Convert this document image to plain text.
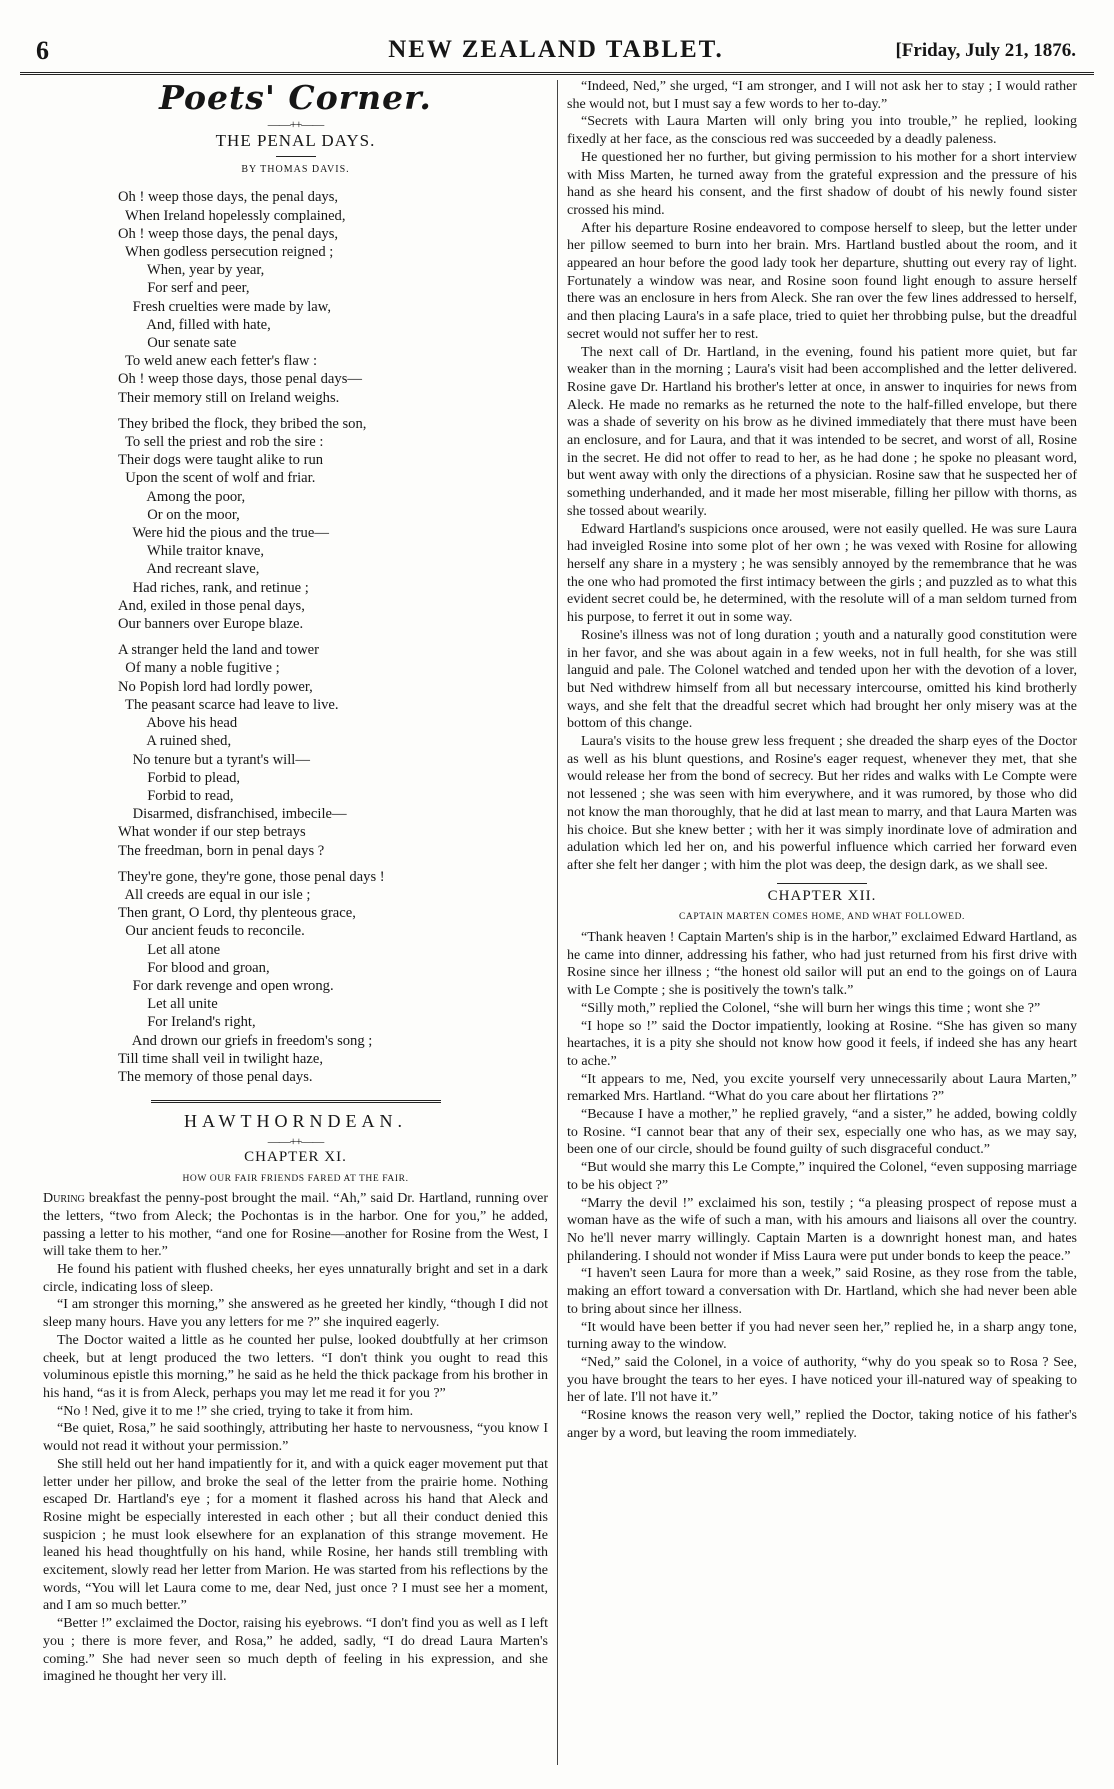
6	NEW ZEALAND TABLET.	[Friday, July 21, 1876.
Poets' Corner.
——++——
THE PENAL DAYS.
BY THOMAS DAVIS.
Oh ! weep those days, the penal days,
When Ireland hopelessly complained,
Oh ! weep those days, the penal days,
When godless persecution reigned ;
When, year by year,
For serf and peer,
Fresh cruelties were made by law,
And, filled with hate,
Our senate sate
To weld anew each fetter's flaw :
Oh ! weep those days, those penal days—
Their memory still on Ireland weighs.
They bribed the flock, they bribed the son,
To sell the priest and rob the sire :
Their dogs were taught alike to run
Upon the scent of wolf and friar.
Among the poor,
Or on the moor,
Were hid the pious and the true—
While traitor knave,
And recreant slave,
Had riches, rank, and retinue ;
And, exiled in those penal days,
Our banners over Europe blaze.
A stranger held the land and tower
Of many a noble fugitive ;
No Popish lord had lordly power,
The peasant scarce had leave to live.
Above his head
A ruined shed,
No tenure but a tyrant's will—
Forbid to plead,
Forbid to read,
Disarmed, disfranchised, imbecile—
What wonder if our step betrays
The freedman, born in penal days ?
They're gone, they're gone, those penal days !
All creeds are equal in our isle ;
Then grant, O Lord, thy plenteous grace,
Our ancient feuds to reconcile.
Let all atone
For blood and groan,
For dark revenge and open wrong.
Let all unite
For Ireland's right,
And drown our griefs in freedom's song ;
Till time shall veil in twilight haze,
The memory of those penal days.
HAWTHORNDEAN.
——++——
CHAPTER XI.
HOW OUR FAIR FRIENDS FARED AT THE FAIR.

During breakfast the penny-post brought the mail. “Ah,” said Dr. Hartland, running over the letters, “two from Aleck; the Pochontas is in the harbor. One for you,” he added, passing a letter to his mother, “and one for Rosine—another for Rosine from the West, I will take them to her.”

He found his patient with flushed cheeks, her eyes unnaturally bright and set in a dark circle, indicating loss of sleep.

“I am stronger this morning,” she answered as he greeted her kindly, “though I did not sleep many hours. Have you any letters for me ?” she inquired eagerly.

The Doctor waited a little as he counted her pulse, looked doubtfully at her crimson cheek, but at lengt produced the two letters. “I don't think you ought to read this voluminous epistle this morning,” he said as he held the thick package from his brother in his hand, “as it is from Aleck, perhaps you may let me read it for you ?”

“No ! Ned, give it to me !” she cried, trying to take it from him.

“Be quiet, Rosa,” he said soothingly, attributing her haste to nervousness, “you know I would not read it without your permission.”

She still held out her hand impatiently for it, and with a quick eager movement put that letter under her pillow, and broke the seal of the letter from the prairie home. Nothing escaped Dr. Hartland's eye ; for a moment it flashed across his hand that Aleck and Rosine might be especially interested in each other ; but all their conduct denied this suspicion ; he must look elsewhere for an explanation of this strange movement. He leaned his head thoughtfully on his hand, while Rosine, her hands still trembling with excitement, slowly read her letter from Marion. He was started from his reflections by the words, “You will let Laura come to me, dear Ned, just once ? I must see her a moment, and I am so much better.”

“Better !” exclaimed the Doctor, raising his eyebrows. “I don't find you as well as I left you ; there is more fever, and Rosa,” he added, sadly, “I do dread Laura Marten's coming.” She had never seen so much depth of feeling in his expression, and she imagined he thought her very ill.

“Indeed, Ned,” she urged, “I am stronger, and I will not ask her to stay ; I would rather she would not, but I must say a few words to her to-day.”

“Secrets with Laura Marten will only bring you into trouble,” he replied, looking fixedly at her face, as the conscious red was succeeded by a deadly paleness.

He questioned her no further, but giving permission to his mother for a short interview with Miss Marten, he turned away from the grateful expression and the pressure of his hand as she heard his consent, and the first shadow of doubt of his newly found sister crossed his mind.

After his departure Rosine endeavored to compose herself to sleep, but the letter under her pillow seemed to burn into her brain. Mrs. Hartland bustled about the room, and it appeared an hour before the good lady took her departure, shutting out every ray of light. Fortunately a window was near, and Rosine soon found light enough to assure herself there was an enclosure in hers from Aleck. She ran over the few lines addressed to herself, and then placing Laura's in a safe place, tried to quiet her throbbing pulse, but the dreadful secret would not suffer her to rest.

The next call of Dr. Hartland, in the evening, found his patient more quiet, but far weaker than in the morning ; Laura's visit had been accomplished and the letter delivered. Rosine gave Dr. Hartland his brother's letter at once, in answer to inquiries for news from Aleck. He made no remarks as he returned the note to the half-filled envelope, but there was a shade of severity on his brow as he divined immediately that there must have been an enclosure, and for Laura, and that it was intended to be secret, and worst of all, Rosine in the secret. He did not offer to read to her, as he had done ; he spoke no pleasant word, but went away with only the directions of a physician. Rosine saw that he suspected her of something underhanded, and it made her most miserable, filling her pillow with thorns, as she tossed about wearily.

Edward Hartland's suspicions once aroused, were not easily quelled. He was sure Laura had inveigled Rosine into some plot of her own ; he was vexed with Rosine for allowing herself any share in a mystery ; he was sensibly annoyed by the remembrance that he was the one who had promoted the first intimacy between the girls ; and puzzled as to what this evident secret could be, he determined, with the resolute will of a man seldom turned from his purpose, to ferret it out in some way.

Rosine's illness was not of long duration ; youth and a naturally good constitution were in her favor, and she was about again in a few weeks, not in full health, for she was still languid and pale. The Colonel watched and tended upon her with the devotion of a lover, but Ned withdrew himself from all but necessary intercourse, omitted his kind brotherly ways, and she felt that the dreadful secret which had brought her only misery was at the bottom of this change.

Laura's visits to the house grew less frequent ; she dreaded the sharp eyes of the Doctor as well as his blunt questions, and Rosine's eager request, whenever they met, that she would release her from the bond of secrecy. But her rides and walks with Le Compte were not lessened ; she was seen with him everywhere, and it was rumored, by those who did not know the man thoroughly, that he did at last mean to marry, and that Laura Marten was his choice. But she knew better ; with her it was simply inordinate love of admiration and adulation which led her on, and his powerful influence which carried her forward even after she felt her danger ; with him the plot was deep, the design dark, as we shall see.

CHAPTER XII.
CAPTAIN MARTEN COMES HOME, AND WHAT FOLLOWED.

“Thank heaven ! Captain Marten's ship is in the harbor,” exclaimed Edward Hartland, as he came into dinner, addressing his father, who had just returned from his first drive with Rosine since her illness ; “the honest old sailor will put an end to the goings on of Laura with Le Compte ; she is positively the town's talk.”

“Silly moth,” replied the Colonel, “she will burn her wings this time ; wont she ?”

“I hope so !” said the Doctor impatiently, looking at Rosine. “She has given so many heartaches, it is a pity she should not know how good it feels, if indeed she has any heart to ache.”

“It appears to me, Ned, you excite yourself very unnecessarily about Laura Marten,” remarked Mrs. Hartland. “What do you care about her flirtations ?”

“Because I have a mother,” he replied gravely, “and a sister,” he added, bowing coldly to Rosine. “I cannot bear that any of their sex, especially one who has, as we may say, been one of our circle, should be found guilty of such disgraceful conduct.”

“But would she marry this Le Compte,” inquired the Colonel, “even supposing marriage to be his object ?”

“Marry the devil !” exclaimed his son, testily ; “a pleasing prospect of repose must a woman have as the wife of such a man, with his amours and liaisons all over the country. No he'll never marry willingly. Captain Marten is a downright honest man, and hates philandering. I should not wonder if Miss Laura were put under bonds to keep the peace.”

“I haven't seen Laura for more than a week,” said Rosine, as they rose from the table, making an effort toward a conversation with Dr. Hartland, which she had never been able to bring about since her illness.

“It would have been better if you had never seen her,” replied he, in a sharp angy tone, turning away to the window.

“Ned,” said the Colonel, in a voice of authority, “why do you speak so to Rosa ? See, you have brought the tears to her eyes. I have noticed your ill-natured way of speaking to her of late. I'll not have it.”

“Rosine knows the reason very well,” replied the Doctor, taking notice of his father's anger by a word, but leaving the room immediately.
